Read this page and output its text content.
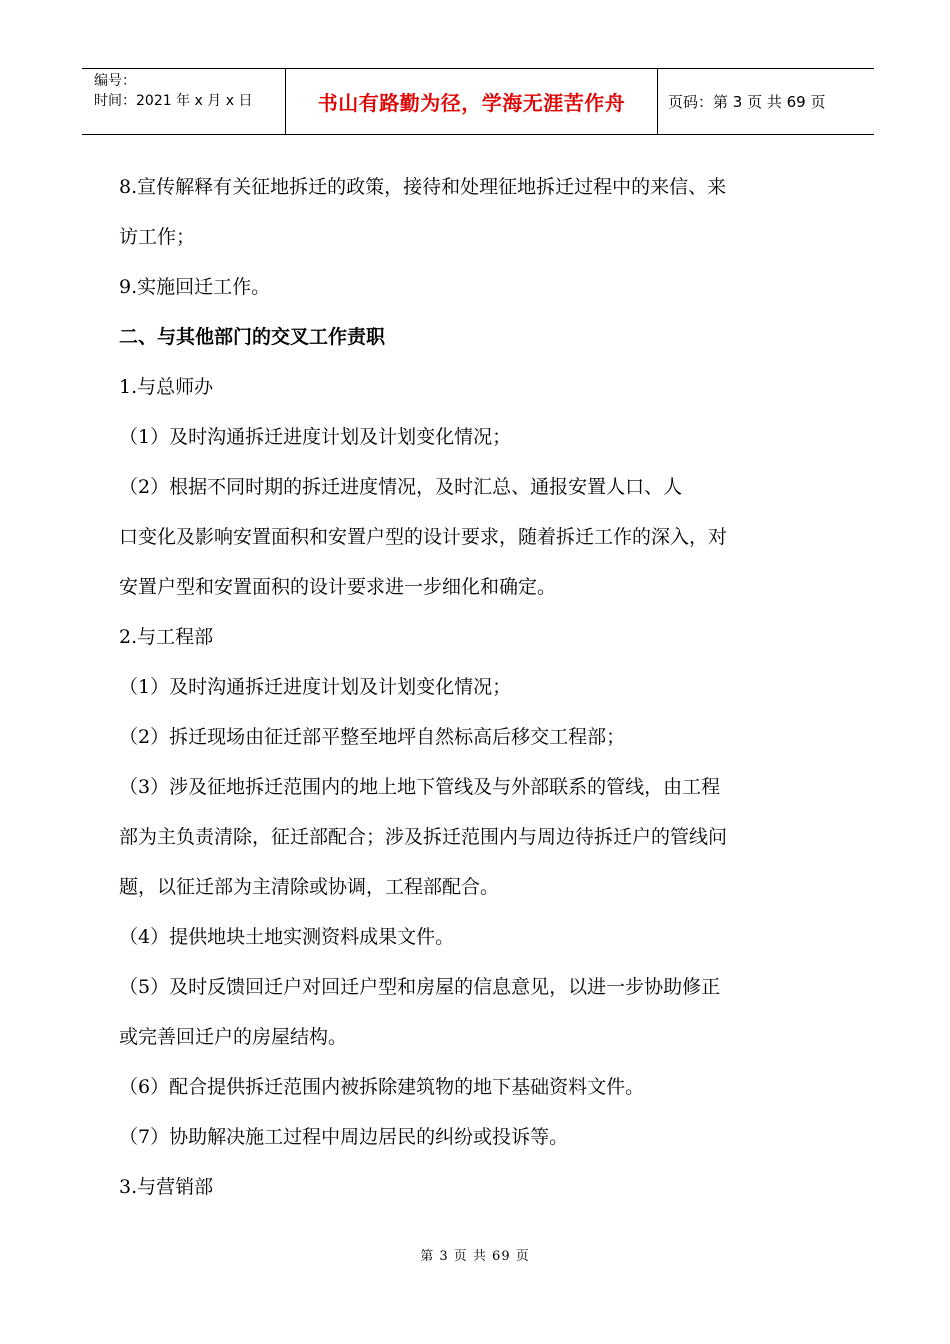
编号：
时间：2021 年 x 月 x 日	书山有路勤为径，学海无涯苦作舟	页码：第 3 页 共 69 页

8.宣传解释有关征地拆迁的政策，接待和处理征地拆迁过程中的来信、来

访工作；

9.实施回迁工作。

二、与其他部门的交叉工作责职

1.与总师办

（1）及时沟通拆迁进度计划及计划变化情况；

（2）根据不同时期的拆迁进度情况，及时汇总、通报安置人口、人

口变化及影响安置面积和安置户型的设计要求，随着拆迁工作的深入，对

安置户型和安置面积的设计要求进一步细化和确定。

2.与工程部

（1）及时沟通拆迁进度计划及计划变化情况；

（2）拆迁现场由征迁部平整至地坪自然标高后移交工程部；

（3）涉及征地拆迁范围内的地上地下管线及与外部联系的管线，由工程

部为主负责清除，征迁部配合；涉及拆迁范围内与周边待拆迁户的管线问

题，以征迁部为主清除或协调，工程部配合。

（4）提供地块土地实测资料成果文件。

（5）及时反馈回迁户对回迁户型和房屋的信息意见，以进一步协助修正

或完善回迁户的房屋结构。

（6）配合提供拆迁范围内被拆除建筑物的地下基础资料文件。

（7）协助解决施工过程中周边居民的纠纷或投诉等。

3.与营销部

第 3 页 共 69 页
